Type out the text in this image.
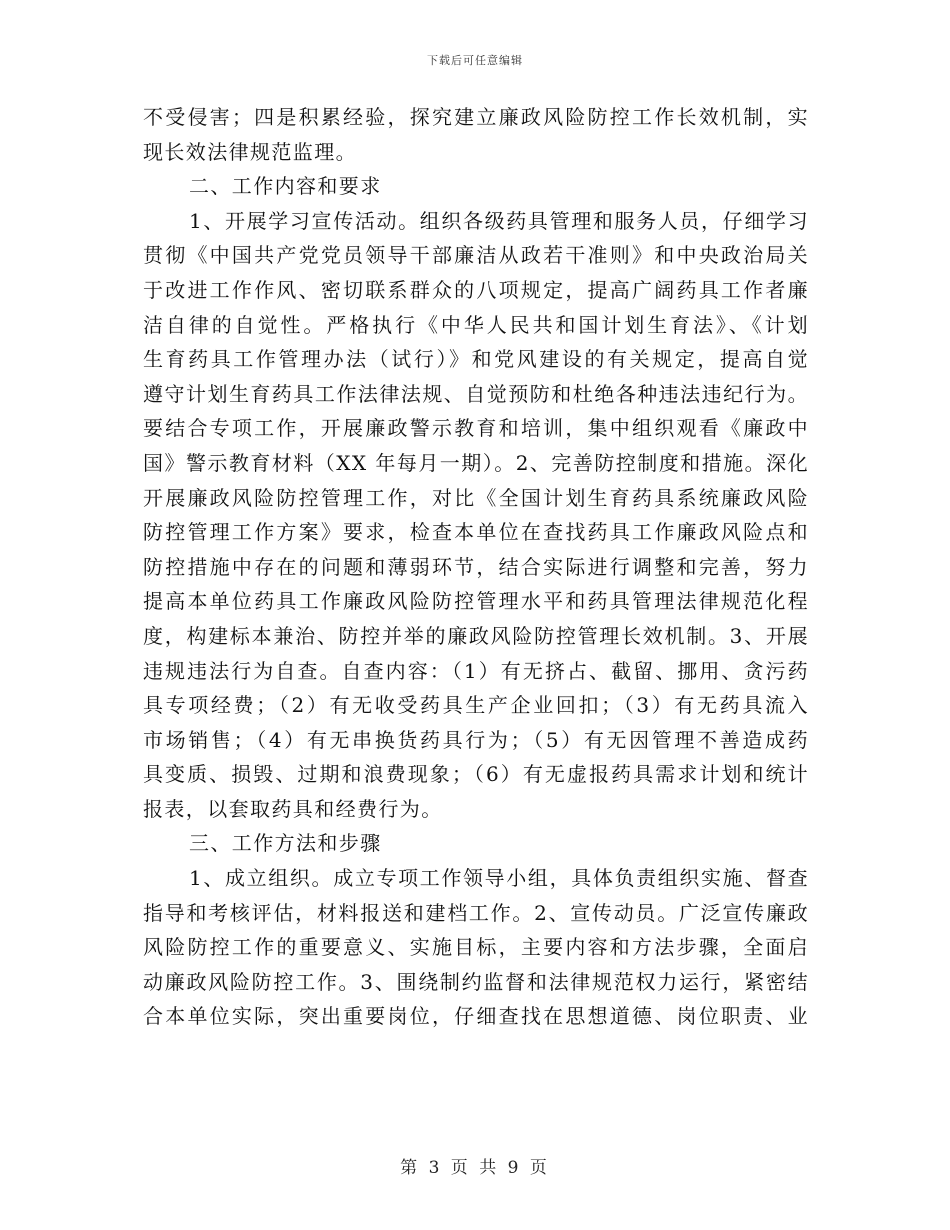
下载后可任意编辑
不受侵害；四是积累经验，探究建立廉政风险防控工作长效机制，实
现长效法律规范监理。
二、工作内容和要求
1、开展学习宣传活动。组织各级药具管理和服务人员，仔细学习
贯彻《中国共产党党员领导干部廉洁从政若干准则》和中央政治局关
于改进工作作风、密切联系群众的八项规定，提高广阔药具工作者廉
洁自律的自觉性。严格执行《中华人民共和国计划生育法》、《计划
生育药具工作管理办法（试行）》和党风建设的有关规定，提高自觉
遵守计划生育药具工作法律法规、自觉预防和杜绝各种违法违纪行为。
要结合专项工作，开展廉政警示教育和培训，集中组织观看《廉政中
国》警示教育材料（XX 年每月一期）。2、完善防控制度和措施。深化
开展廉政风险防控管理工作，对比《全国计划生育药具系统廉政风险
防控管理工作方案》要求，检查本单位在查找药具工作廉政风险点和
防控措施中存在的问题和薄弱环节，结合实际进行调整和完善，努力
提高本单位药具工作廉政风险防控管理水平和药具管理法律规范化程
度，构建标本兼治、防控并举的廉政风险防控管理长效机制。3、开展
违规违法行为自查。自查内容：（1）有无挤占、截留、挪用、贪污药
具专项经费；（2）有无收受药具生产企业回扣；（3）有无药具流入
市场销售；（4）有无串换货药具行为；（5）有无因管理不善造成药
具变质、损毁、过期和浪费现象；（6）有无虚报药具需求计划和统计
报表，以套取药具和经费行为。
三、工作方法和步骤
1、成立组织。成立专项工作领导小组，具体负责组织实施、督查
指导和考核评估，材料报送和建档工作。2、宣传动员。广泛宣传廉政
风险防控工作的重要意义、实施目标，主要内容和方法步骤，全面启
动廉政风险防控工作。3、围绕制约监督和法律规范权力运行，紧密结
合本单位实际，突出重要岗位，仔细查找在思想道德、岗位职责、业
第 3 页 共 9 页
